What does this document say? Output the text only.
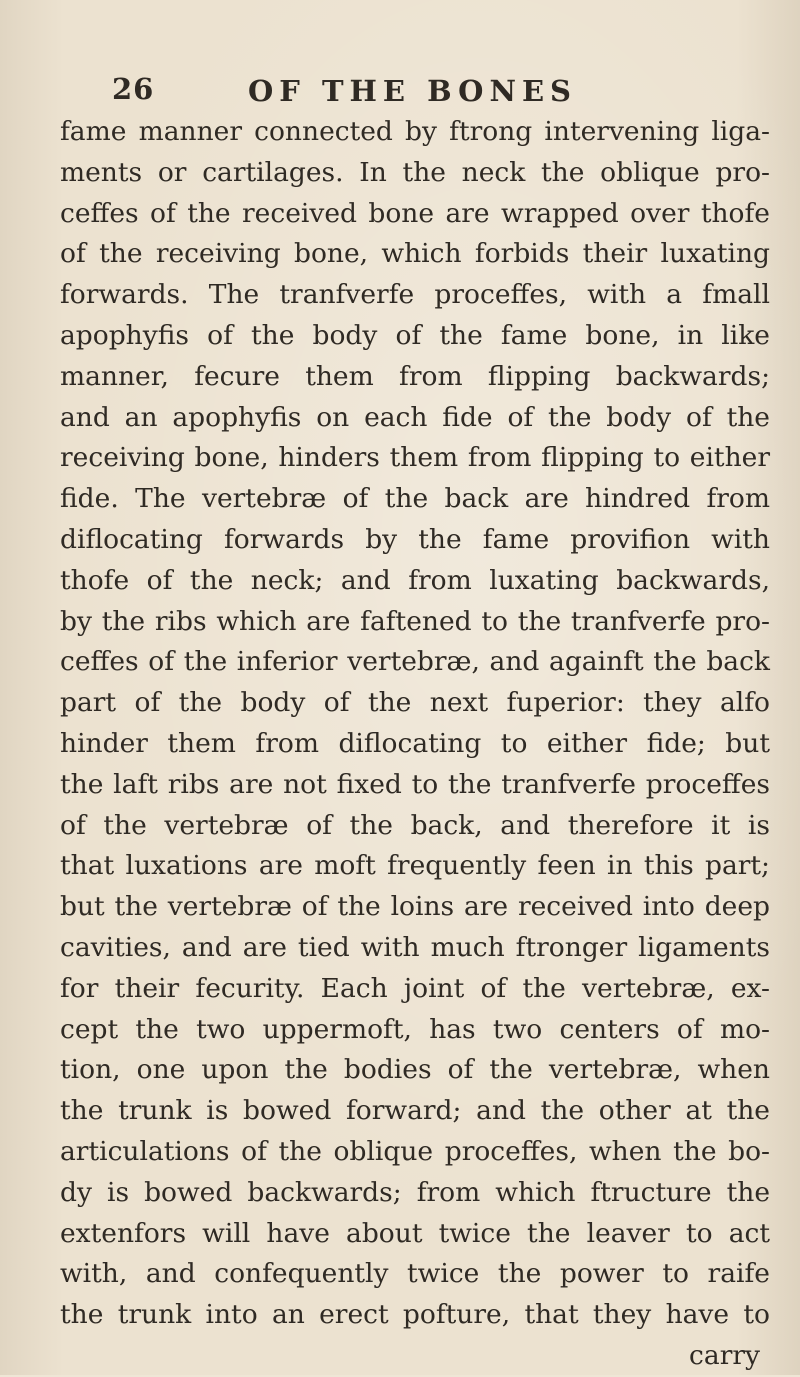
26	OF THE BONES
fame manner connected by ftrong intervening liga-
ments or cartilages. In the neck the oblique pro-
ceffes of the received bone are wrapped over thofe
of the receiving bone, which forbids their luxating
forwards. The tranfverfe proceffes, with a fmall
apophyfis of the body of the fame bone, in like
manner, fecure them from flipping backwards;
and an apophyfis on each fide of the body of the
receiving bone, hinders them from flipping to either
fide. The vertebræ of the back are hindred from
diflocating forwards by the fame provifion with
thofe of the neck; and from luxating backwards,
by the ribs which are faftened to the tranfverfe pro-
ceffes of the inferior vertebræ, and againft the back
part of the body of the next fuperior: they alfo
hinder them from diflocating to either fide; but
the laft ribs are not fixed to the tranfverfe proceffes
of the vertebræ of the back, and therefore it is
that luxations are moft frequently feen in this part;
but the vertebræ of the loins are received into deep
cavities, and are tied with much ftronger ligaments
for their fecurity. Each joint of the vertebræ, ex-
cept the two uppermoft, has two centers of mo-
tion, one upon the bodies of the vertebræ, when
the trunk is bowed forward; and the other at the
articulations of the oblique proceffes, when the bo-
dy is bowed backwards; from which ftructure the
extenfors will have about twice the leaver to act
with, and confequently twice the power to raife
the trunk into an erect pofture, that they have to
carry
